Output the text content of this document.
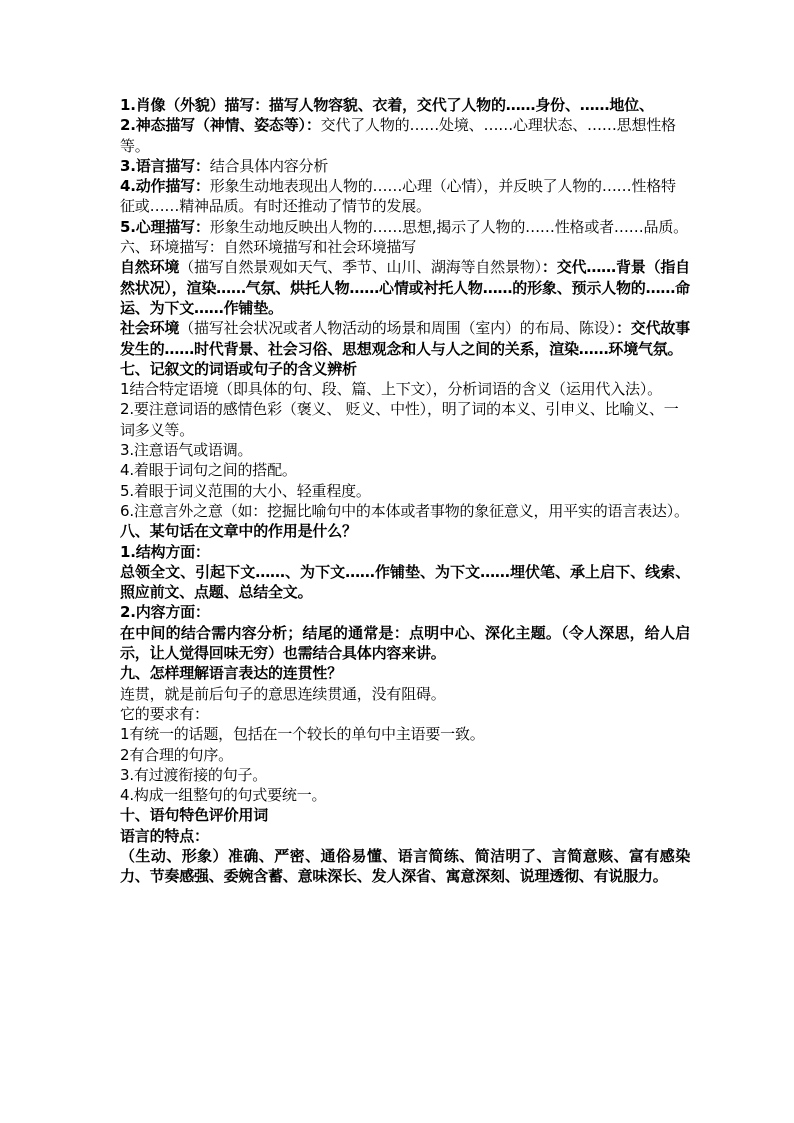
1.肖像（外貌）描写：描写人物容貌、衣着，交代了人物的……身份、……地位、

2.神态描写（神情、姿态等）：交代了人物的……处境、……心理状态、……思想性格等。

3.语言描写：结合具体内容分析

4.动作描写：形象生动地表现出人物的……心理（心情），并反映了人物的……性格特征或……精神品质。有时还推动了情节的发展。

5.心理描写：形象生动地反映出人物的……思想,揭示了人物的……性格或者……品质。

六、环境描写：自然环境描写和社会环境描写

自然环境（描写自然景观如天气、季节、山川、湖海等自然景物）：交代……背景（指自然状况），渲染……气氛、烘托人物……心情或衬托人物……的形象、预示人物的……命运、为下文……作铺垫。

社会环境（描写社会状况或者人物活动的场景和周围（室内）的布局、陈设）：交代故事发生的……时代背景、社会习俗、思想观念和人与人之间的关系，渲染……环境气氛。

七、记叙文的词语或句子的含义辨析

1结合特定语境（即具体的句、段、篇、上下文），分析词语的含义（运用代入法）。

2.要注意词语的感情色彩（褒义、 贬义、中性），明了词的本义、引申义、比喻义、一词多义等。

3.注意语气或语调。

4.着眼于词句之间的搭配。

5.着眼于词义范围的大小、轻重程度。

6.注意言外之意（如：挖掘比喻句中的本体或者事物的象征意义，用平实的语言表达）。

八、某句话在文章中的作用是什么？

1.结构方面：

总领全文、引起下文……、为下文……作铺垫、为下文……埋伏笔、承上启下、线索、照应前文、点题、总结全文。

2.内容方面：

在中间的结合需内容分析；结尾的通常是：点明中心、深化主题。（令人深思，给人启示，让人觉得回味无穷）也需结合具体内容来讲。

九、怎样理解语言表达的连贯性？

连贯，就是前后句子的意思连续贯通，没有阻碍。

它的要求有：

1有统一的话题，包括在一个较长的单句中主语要一致。

2有合理的句序。

3.有过渡衔接的句子。

4.构成一组整句的句式要统一。

十、语句特色评价用词

语言的特点：

（生动、形象）准确、严密、通俗易懂、语言简练、简洁明了、言简意赅、富有感染力、节奏感强、委婉含蓄、意味深长、发人深省、寓意深刻、说理透彻、有说服力。
